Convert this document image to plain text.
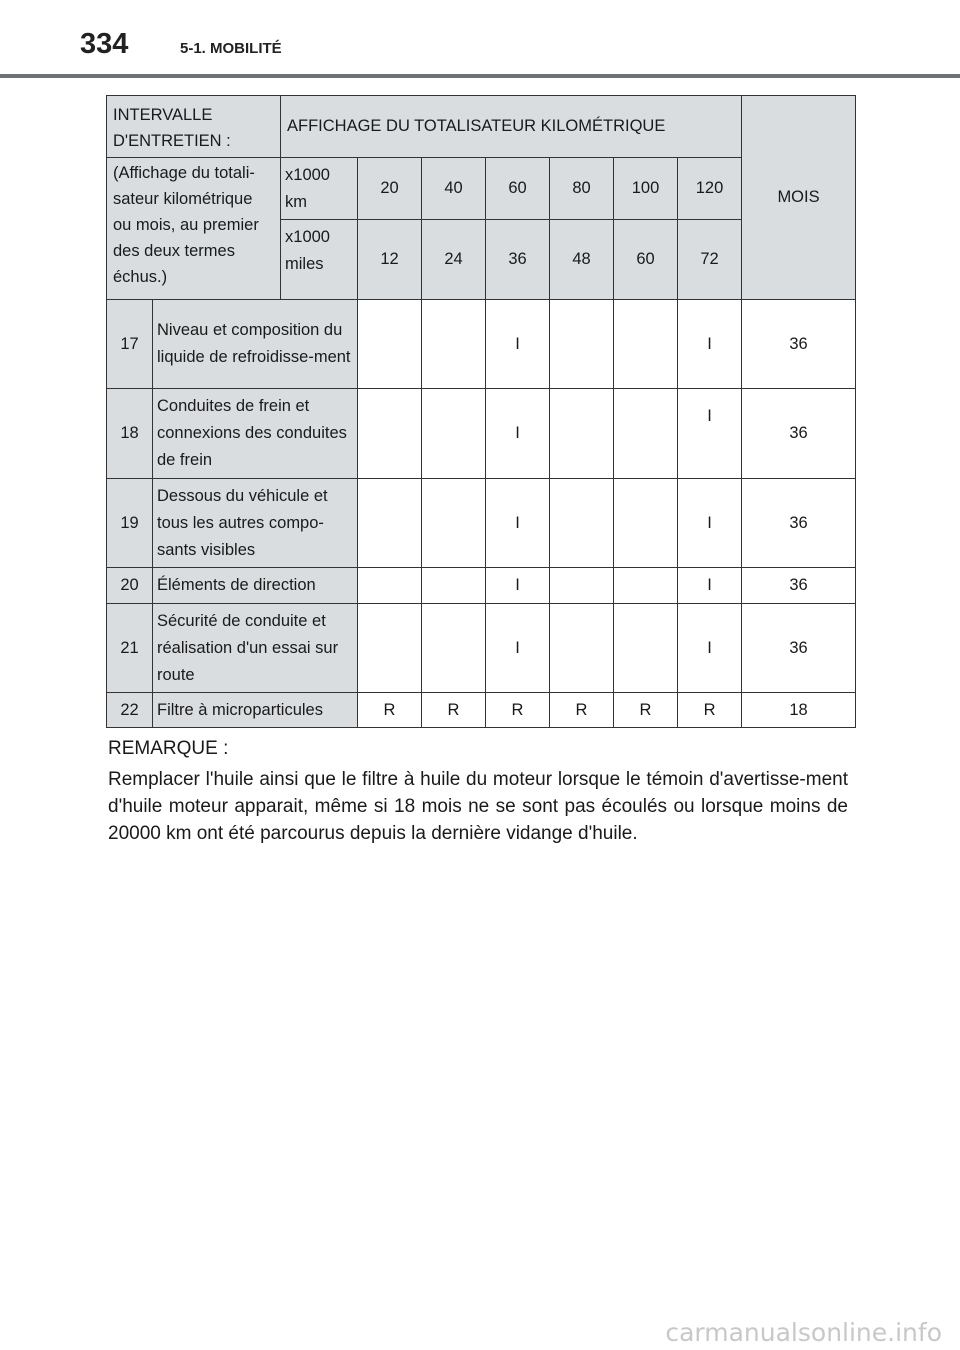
334	5-1. MOBILITÉ
INTERVALLE D'ENTRETIEN :		AFFICHAGE DU TOTALISATEUR KILOMÉTRIQUE							MOIS
(Affichage du totali-sateur kilométrique ou mois, au premier des deux termes échus.)		x1000 km	20	40	60	80	100	120	
		x1000 miles	12	24	36	48	60	72	
17	Niveau et composition du liquide de refroidisse-ment				I			I	36
18	Conduites de frein et connexions des conduites de frein				I			I	36
19	Dessous du véhicule et tous les autres compo-sants visibles				I			I	36
20	Éléments de direction				I			I	36
21	Sécurité de conduite et réalisation d'un essai sur route				I			I	36
22	Filtre à microparticules		R	R	R	R	R	R	18
REMARQUE :
Remplacer l'huile ainsi que le filtre à huile du moteur lorsque le témoin d'avertisse-ment d'huile moteur apparait, même si 18 mois ne se sont pas écoulés ou lorsque moins de 20000 km ont été parcourus depuis la dernière vidange d'huile.
carmanualsonline.info
